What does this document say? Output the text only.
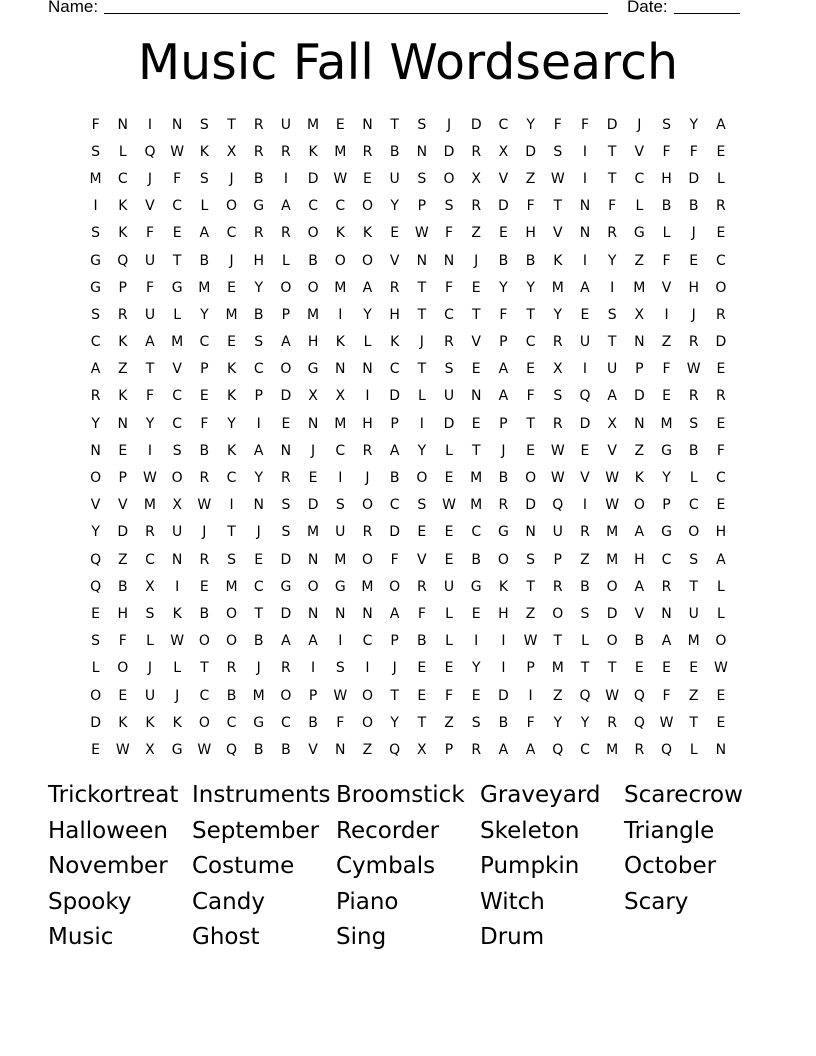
Name:	Date:
Music Fall Wordsearch
F	N	I	N	S	T	R	U	M	E	N	T	S	J	D	C	Y	F	F	D	J	S	Y	A
S	L	Q	W	K	X	R	R	K	M	R	B	N	D	R	X	D	S	I	T	V	F	F	E
M	C	J	F	S	J	B	I	D	W	E	U	S	O	X	V	Z	W	I	T	C	H	D	L
I	K	V	C	L	O	G	A	C	C	O	Y	P	S	R	D	F	T	N	F	L	B	B	R
S	K	F	E	A	C	R	R	O	K	K	E	W	F	Z	E	H	V	N	R	G	L	J	E
G	Q	U	T	B	J	H	L	B	O	O	V	N	N	J	B	B	K	I	Y	Z	F	E	C
G	P	F	G	M	E	Y	O	O	M	A	R	T	F	E	Y	Y	M	A	I	M	V	H	O
S	R	U	L	Y	M	B	P	M	I	Y	H	T	C	T	F	T	Y	E	S	X	I	J	R
C	K	A	M	C	E	S	A	H	K	L	K	J	R	V	P	C	R	U	T	N	Z	R	D
A	Z	T	V	P	K	C	O	G	N	N	C	T	S	E	A	E	X	I	U	P	F	W	E
R	K	F	C	E	K	P	D	X	X	I	D	L	U	N	A	F	S	Q	A	D	E	R	R
Y	N	Y	C	F	Y	I	E	N	M	H	P	I	D	E	P	T	R	D	X	N	M	S	E
N	E	I	S	B	K	A	N	J	C	R	A	Y	L	T	J	E	W	E	V	Z	G	B	F
O	P	W	O	R	C	Y	R	E	I	J	B	O	E	M	B	O	W	V	W	K	Y	L	C
V	V	M	X	W	I	N	S	D	S	O	C	S	W	M	R	D	Q	I	W	O	P	C	E
Y	D	R	U	J	T	J	S	M	U	R	D	E	E	C	G	N	U	R	M	A	G	O	H
Q	Z	C	N	R	S	E	D	N	M	O	F	V	E	B	O	S	P	Z	M	H	C	S	A
Q	B	X	I	E	M	C	G	O	G	M	O	R	U	G	K	T	R	B	O	A	R	T	L
E	H	S	K	B	O	T	D	N	N	N	A	F	L	E	H	Z	O	S	D	V	N	U	L
S	F	L	W	O	O	B	A	A	I	C	P	B	L	I	I	W	T	L	O	B	A	M	O
L	O	J	L	T	R	J	R	I	S	I	J	E	E	Y	I	P	M	T	T	E	E	E	W
O	E	U	J	C	B	M	O	P	W	O	T	E	F	E	D	I	Z	Q	W	Q	F	Z	E
D	K	K	K	O	C	G	C	B	F	O	Y	T	Z	S	B	F	Y	Y	R	Q	W	T	E
E	W	X	G	W	Q	B	B	V	N	Z	Q	X	P	R	A	A	Q	C	M	R	Q	L	N
Trickortreat Instruments Broomstick Graveyard	Scarecrow
Halloween	September Recorder	Skeleton	Triangle
November	Costume	Cymbals	Pumpkin	October
Spooky	Candy	Piano	Witch	Scary
Music	Ghost	Sing	Drum
